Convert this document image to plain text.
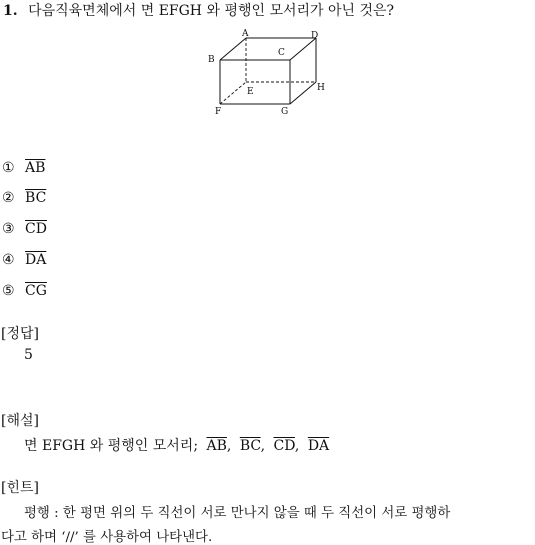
1. 다음직육면체에서 면 EFGH 와 평행인 모서리가 아닌 것은?
A
B
C
D
E
F	G
H
① $\overline{AB}$
② $\overline{BC}$
③ $\overline{CD}$
④ $\overline{DA}$
⑤ $\overline{CG}$
[정답]
5
[해설]
면 EFGH 와 평행인 모서리; $\overline{AB}$, $\overline{BC}$, $\overline{CD}$, $\overline{DA}$
[힌트]
평행 : 한 평면 위의 두 직선이 서로 만나지 않을 때 두 직선이 서로 평행하
다고 하며 ‘//’ 를 사용하여 나타낸다.
